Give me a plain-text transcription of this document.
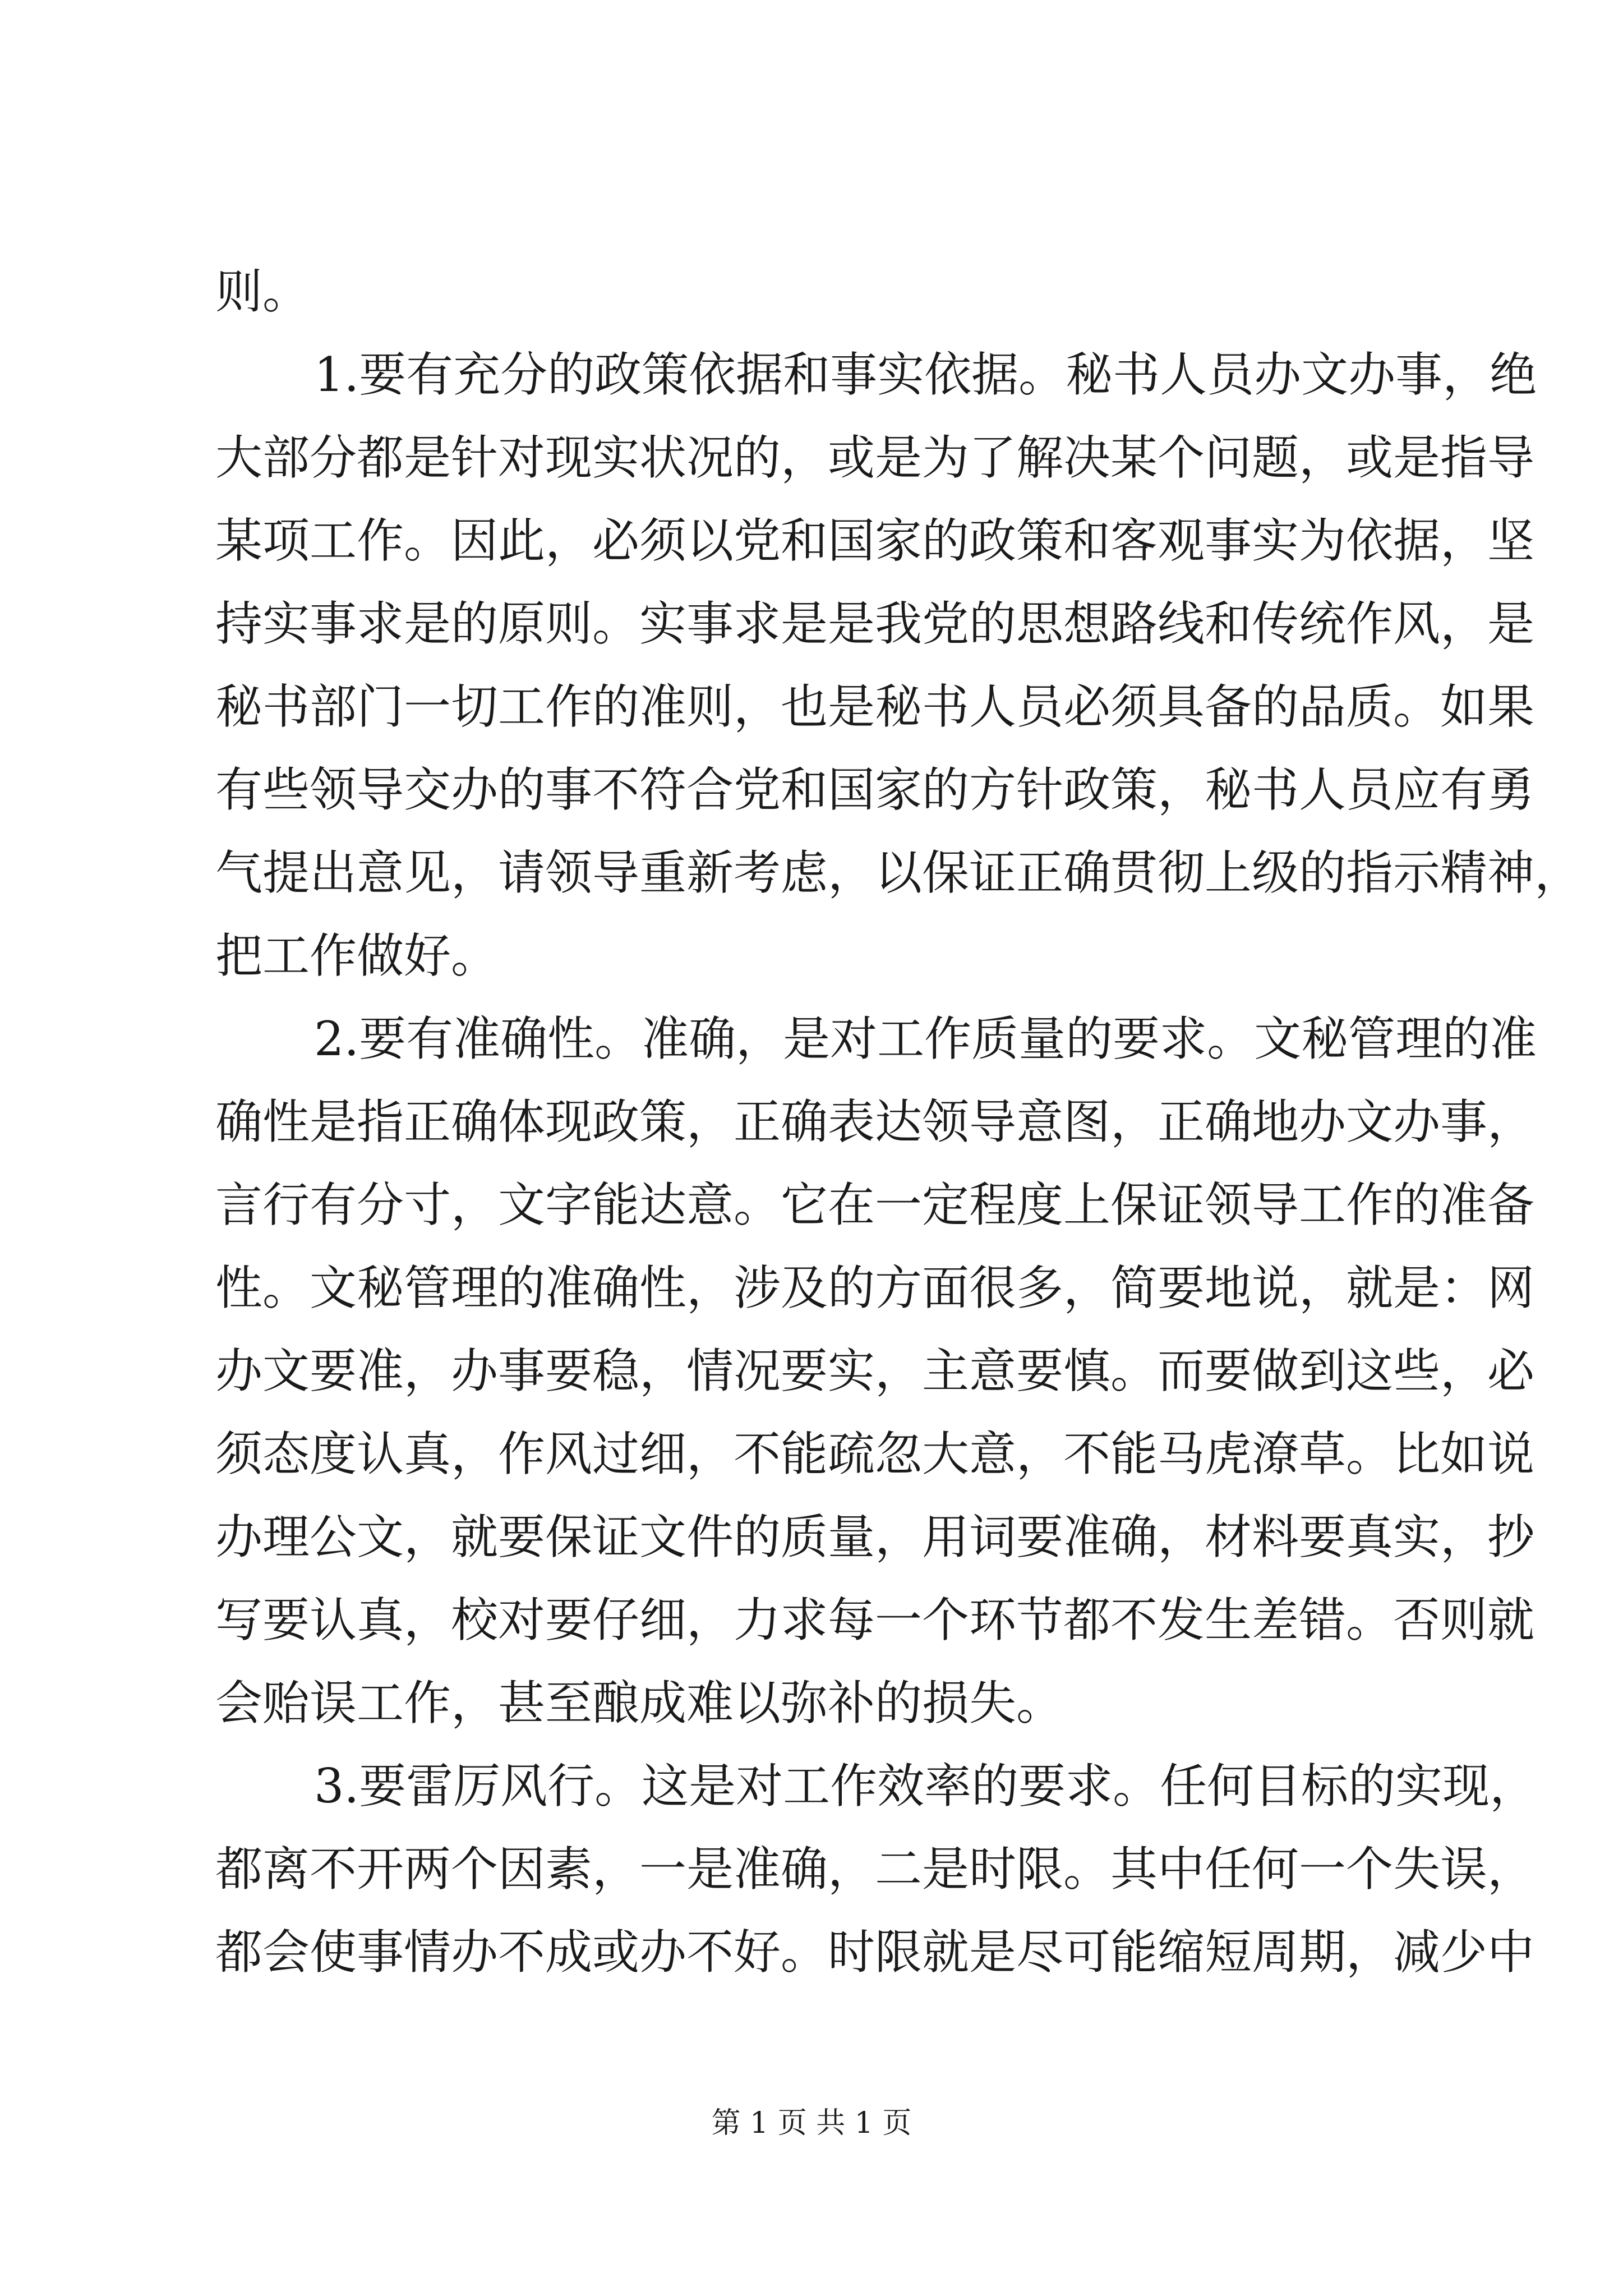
则。
1.要有充分的政策依据和事实依据。秘书人员办文办事，绝
大部分都是针对现实状况的，或是为了解决某个问题，或是指导
某项工作。因此，必须以党和国家的政策和客观事实为依据，坚
持实事求是的原则。实事求是是我党的思想路线和传统作风，是
秘书部门一切工作的准则，也是秘书人员必须具备的品质。如果
有些领导交办的事不符合党和国家的方针政策，秘书人员应有勇
气提出意见，请领导重新考虑，以保证正确贯彻上级的指示精神，
把工作做好。
2.要有准确性。准确，是对工作质量的要求。文秘管理的准
确性是指正确体现政策，正确表达领导意图，正确地办文办事，
言行有分寸，文字能达意。它在一定程度上保证领导工作的准备
性。文秘管理的准确性，涉及的方面很多，简要地说，就是：网
办文要准，办事要稳，情况要实，主意要慎。而要做到这些，必
须态度认真，作风过细，不能疏忽大意，不能马虎潦草。比如说
办理公文，就要保证文件的质量，用词要准确，材料要真实，抄
写要认真，校对要仔细，力求每一个环节都不发生差错。否则就
会贻误工作，甚至酿成难以弥补的损失。
3.要雷厉风行。这是对工作效率的要求。任何目标的实现，
都离不开两个因素，一是准确，二是时限。其中任何一个失误，
都会使事情办不成或办不好。时限就是尽可能缩短周期，减少中
第 1 页 共 1 页
